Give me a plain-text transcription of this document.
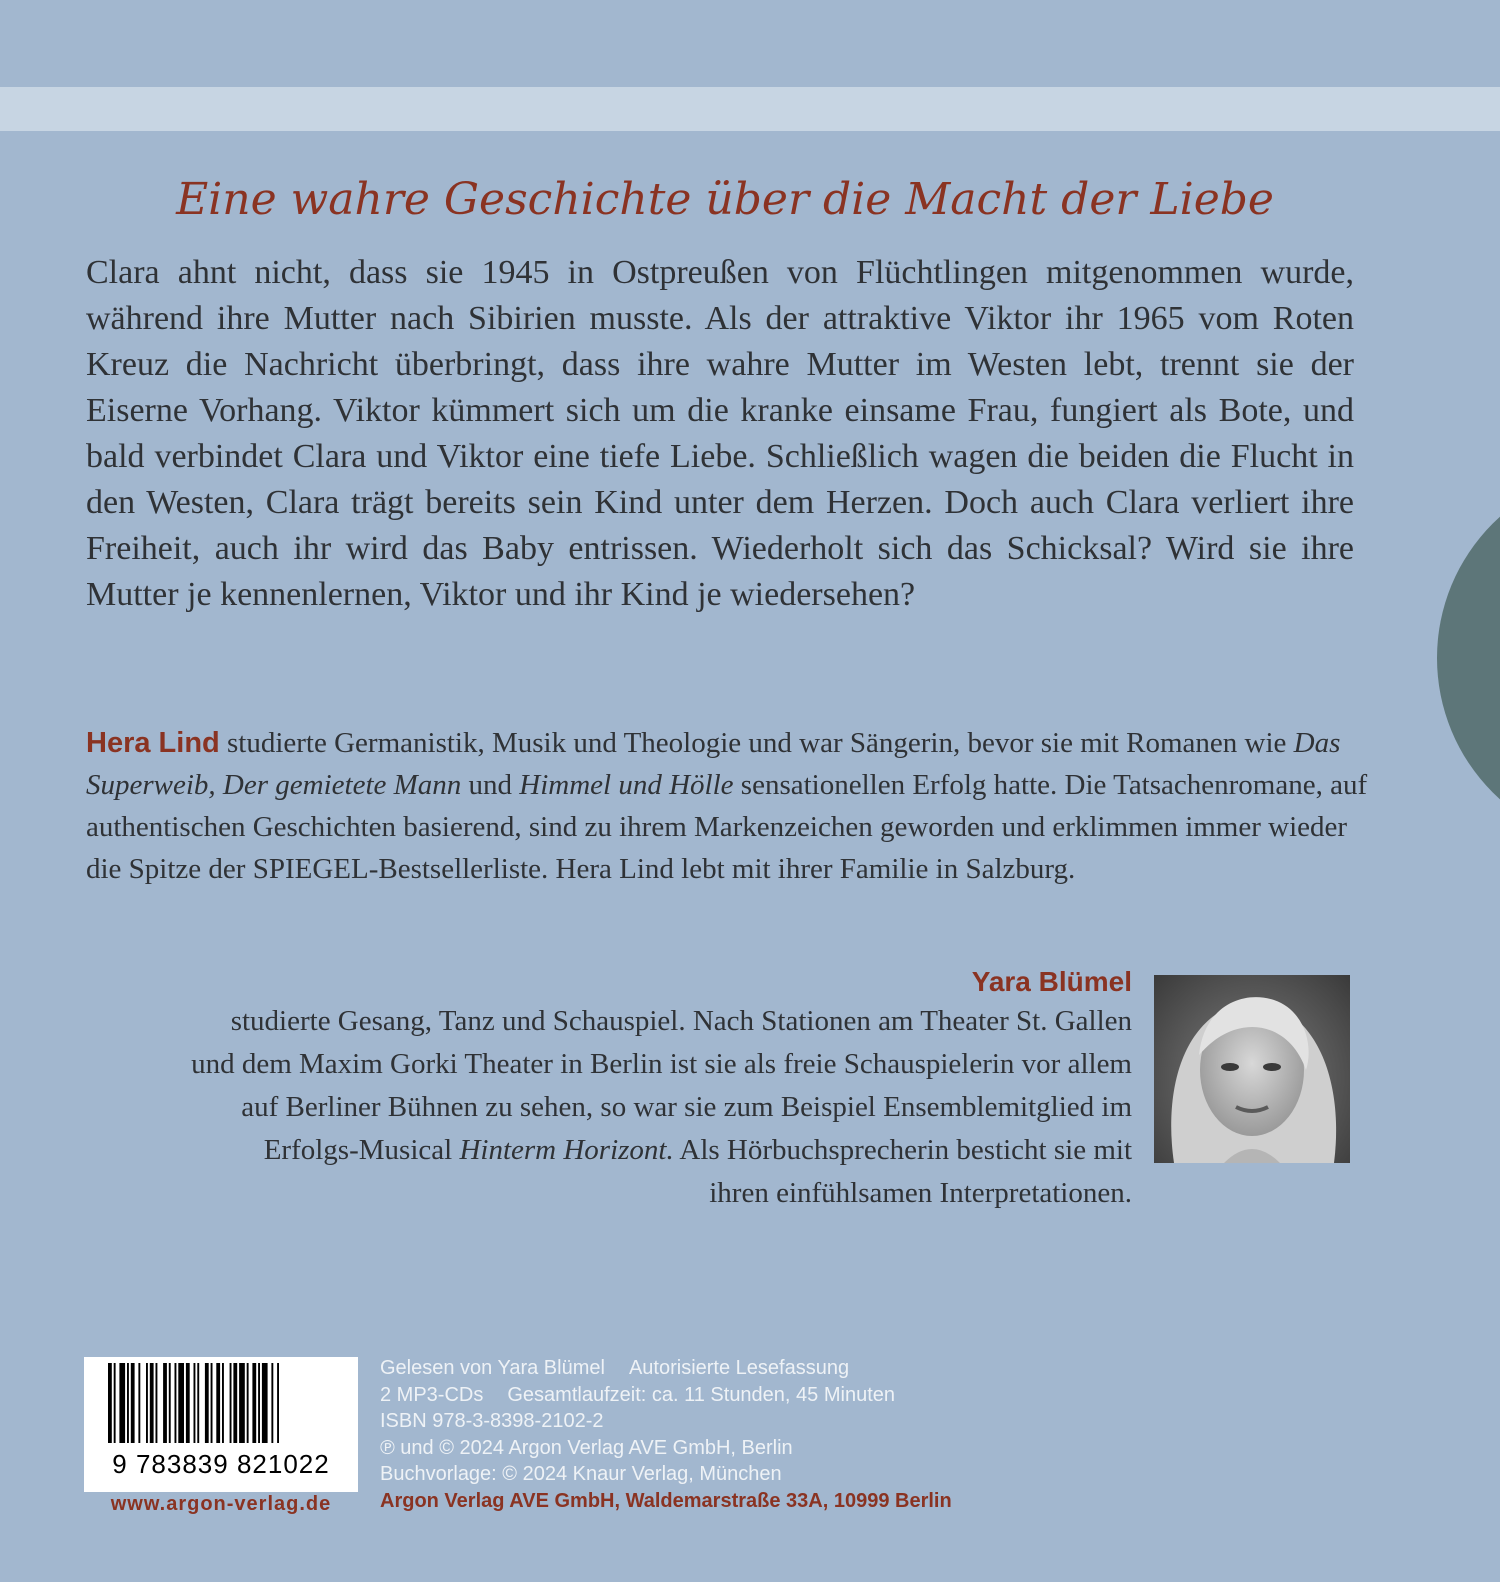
Eine wahre Geschichte über die Macht der Liebe
Clara ahnt nicht, dass sie 1945 in Ostpreußen von Flüchtlingen mitgenommen wurde, während ihre Mutter nach Sibirien musste. Als der attraktive Viktor ihr 1965 vom Roten Kreuz die Nachricht überbringt, dass ihre wahre Mutter im Westen lebt, trennt sie der Eiserne Vorhang. Viktor kümmert sich um die kranke einsame Frau, fungiert als Bote, und bald verbindet Clara und Viktor eine tiefe Liebe. Schließlich wagen die beiden die Flucht in den Westen, Clara trägt bereits sein Kind unter dem Herzen. Doch auch Clara verliert ihre Freiheit, auch ihr wird das Baby entrissen. Wiederholt sich das Schicksal? Wird sie ihre Mutter je kennenlernen, Viktor und ihr Kind je wiedersehen?
Hera Lind studierte Germanistik, Musik und Theologie und war Sängerin, bevor sie mit Romanen wie Das Superweib, Der gemietete Mann und Himmel und Hölle sensationellen Erfolg hatte. Die Tatsachenromane, auf authentischen Geschichten basierend, sind zu ihrem Markenzeichen geworden und erklimmen immer wieder die Spitze der SPIEGEL-Bestsellerliste. Hera Lind lebt mit ihrer Familie in Salzburg.
Yara Blümel
studierte Gesang, Tanz und Schauspiel. Nach Stationen am Theater St. Gallen
und dem Maxim Gorki Theater in Berlin ist sie als freie Schauspielerin vor allem
auf Berliner Bühnen zu sehen, so war sie zum Beispiel Ensemblemitglied im
Erfolgs-Musical Hinterm Horizont. Als Hörbuchsprecherin besticht sie mit
ihren einfühlsamen Interpretationen.
9 783839 821022
www.argon-verlag.de
Gelesen von Yara Blümel Autorisierte Lesefassung
2 MP3-CDs Gesamtlaufzeit: ca. 11 Stunden, 45 Minuten
ISBN 978-3-8398-2102-2
℗ und © 2024 Argon Verlag AVE GmbH, Berlin
Buchvorlage: © 2024 Knaur Verlag, München
Argon Verlag AVE GmbH, Waldemarstraße 33A, 10999 Berlin
